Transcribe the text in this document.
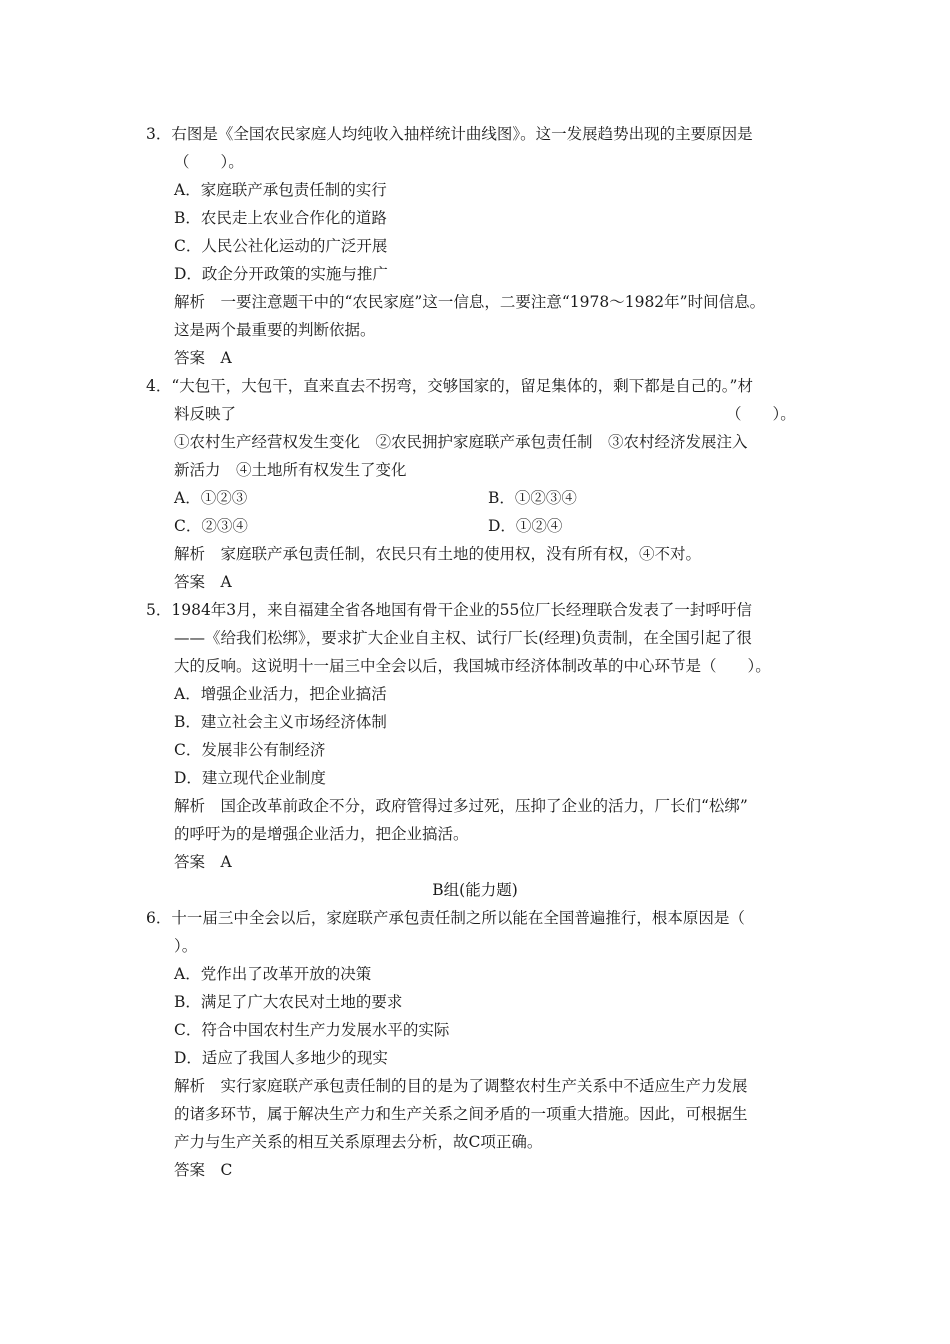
3．右图是《全国农民家庭人均纯收入抽样统计曲线图》。这一发展趋势出现的主要原因是
（　　）。
A．家庭联产承包责任制的实行
B．农民走上农业合作化的道路
C．人民公社化运动的广泛开展
D．政企分开政策的实施与推广
解析　一要注意题干中的“农民家庭”这一信息，二要注意“1978～1982年”时间信息。
这是两个最重要的判断依据。
答案　A
4．“大包干，大包干，直来直去不拐弯，交够国家的，留足集体的，剩下都是自己的。”材
料反映了	（　　）。
①农村生产经营权发生变化　②农民拥护家庭联产承包责任制　③农村经济发展注入
新活力　④土地所有权发生了变化
A．①②③	B．①②③④
C．②③④	D．①②④
解析　家庭联产承包责任制，农民只有土地的使用权，没有所有权，④不对。
答案　A
5．1984年3月，来自福建全省各地国有骨干企业的55位厂长经理联合发表了一封呼吁信
——《给我们松绑》，要求扩大企业自主权、试行厂长(经理)负责制，在全国引起了很
大的反响。这说明十一届三中全会以后，我国城市经济体制改革的中心环节是（　　）。
A．增强企业活力，把企业搞活
B．建立社会主义市场经济体制
C．发展非公有制经济
D．建立现代企业制度
解析　国企改革前政企不分，政府管得过多过死，压抑了企业的活力，厂长们“松绑”
的呼吁为的是增强企业活力，把企业搞活。
答案　A
B组(能力题)
6．十一届三中全会以后，家庭联产承包责任制之所以能在全国普遍推行，根本原因是（
）。
A．党作出了改革开放的决策
B．满足了广大农民对土地的要求
C．符合中国农村生产力发展水平的实际
D．适应了我国人多地少的现实
解析　实行家庭联产承包责任制的目的是为了调整农村生产关系中不适应生产力发展
的诸多环节，属于解决生产力和生产关系之间矛盾的一项重大措施。因此，可根据生
产力与生产关系的相互关系原理去分析，故C项正确。
答案　C
